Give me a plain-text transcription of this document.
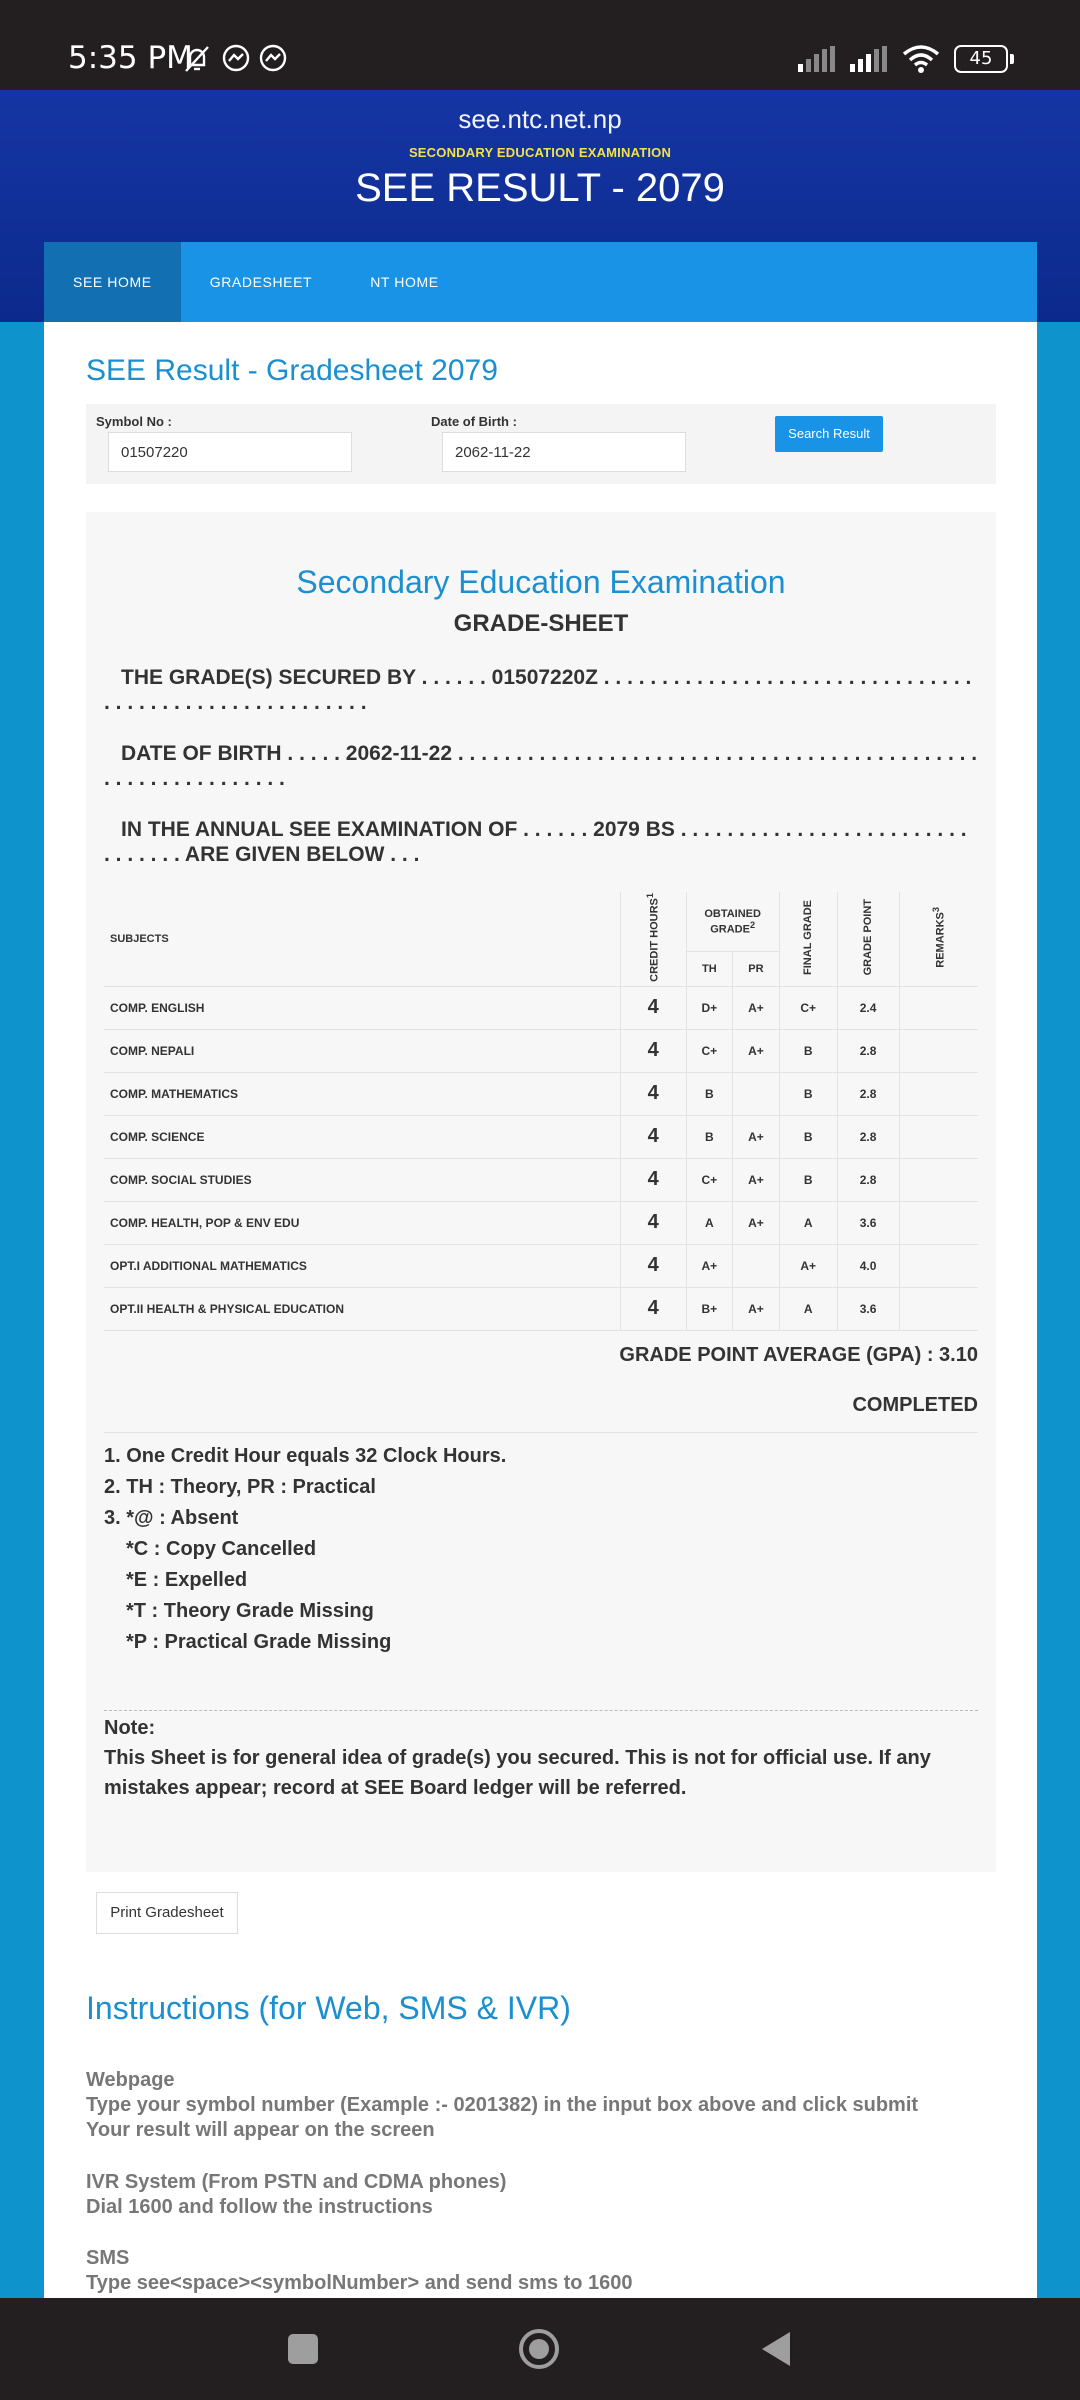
5:35 PM	45
see.ntc.net.np
SECONDARY EDUCATION EXAMINATION
SEE RESULT - 2079
SEE HOME	GRADESHEET	NT HOME
SEE Result - Gradesheet 2079
Symbol No :
01507220
Date of Birth :
2062-11-22
Search Result
Secondary Education Examination
GRADE-SHEET
THE GRADE(S) SECURED BY . . . . . . 01507220Z . . . . . . . . . . . . . . . . . . . . . . . . . . . . . . . . . . . . . . . . . . . . . . . . . . . . . . .
DATE OF BIRTH . . . . . 2062-11-22 . . . . . . . . . . . . . . . . . . . . . . . . . . . . . . . . . . . . . . . . . . . . . . . . . . . . . . . . . . . . .
IN THE ANNUAL SEE EXAMINATION OF . . . . . . 2079 BS . . . . . . . . . . . . . . . . . . . . . . . . . . . . . . . . ARE GIVEN BELOW . . .
SUBJECTS	CREDIT HOURS$^1$	OBTAINED GRADE$^2$		FINAL GRADE	GRADE POINT	REMARKS$^3$
		TH	PR			
COMP. ENGLISH	4	D+	A+	C+	2.4	
COMP. NEPALI	4	C+	A+	B	2.8	
COMP. MATHEMATICS	4	B		B	2.8	
COMP. SCIENCE	4	B	A+	B	2.8	
COMP. SOCIAL STUDIES	4	C+	A+	B	2.8	
COMP. HEALTH, POP & ENV EDU	4	A	A+	A	3.6	
OPT.I ADDITIONAL MATHEMATICS	4	A+		A+	4.0	
OPT.II HEALTH & PHYSICAL EDUCATION	4	B+	A+	A	3.6	
GRADE POINT AVERAGE (GPA) : 3.10
COMPLETED
1. One Credit Hour equals 32 Clock Hours.
2. TH : Theory, PR : Practical
3. *@ : Absent
*C : Copy Cancelled
*E : Expelled
*T : Theory Grade Missing
*P : Practical Grade Missing
Note:
This Sheet is for general idea of grade(s) you secured. This is not for official use. If any mistakes appear; record at SEE Board ledger will be referred.
Print Gradesheet
Instructions (for Web, SMS & IVR)
Webpage
Type your symbol number (Example :- 0201382) in the input box above and click submit
Your result will appear on the screen
IVR System (From PSTN and CDMA phones)
Dial 1600 and follow the instructions
SMS
Type see<space><symbolNumber> and send sms to 1600
